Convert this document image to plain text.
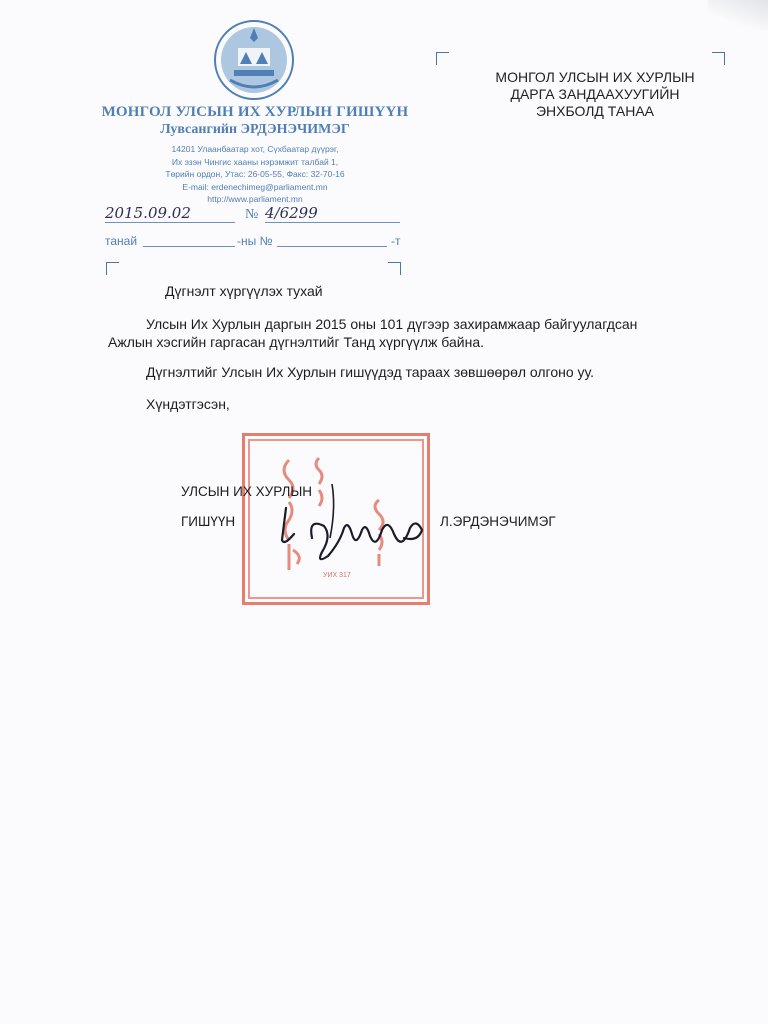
МОНГОЛ УЛСЫН ИХ ХУРЛЫН ГИШҮҮН
Лувсангийн ЭРДЭНЭЧИМЭГ
14201 Улаанбаатар хот, Сүхбаатар дүүрэг,
Их эзэн Чингис хааны нэрэмжит талбай 1,
Төрийн ордон, Утас: 26-05-55, Факс: 32-70-16
E-mail: erdenechimeg@parliament.mn
http://www.parliament.mn
2015.09.02	№ 4/6299
танай	-ны №	-т
МОНГОЛ УЛСЫН ИХ ХУРЛЫН
ДАРГА ЗАНДААХУУГИЙН
ЭНХБОЛД ТАНАА
Дүгнэлт хүргүүлэх тухай
Улсын Их Хурлын даргын 2015 оны 101 дүгээр захирамжаар байгуулагдсан
Ажлын хэсгийн гаргасан дүгнэлтийг Танд хүргүүлж байна.
Дүгнэлтийг Улсын Их Хурлын гишүүдэд тараах зөвшөөрөл олгоно уу.
Хүндэтгэсэн,
УИХ 317
УЛСЫН ИХ ХУРЛЫН
ГИШҮҮН	Л.ЭРДЭНЭЧИМЭГ
